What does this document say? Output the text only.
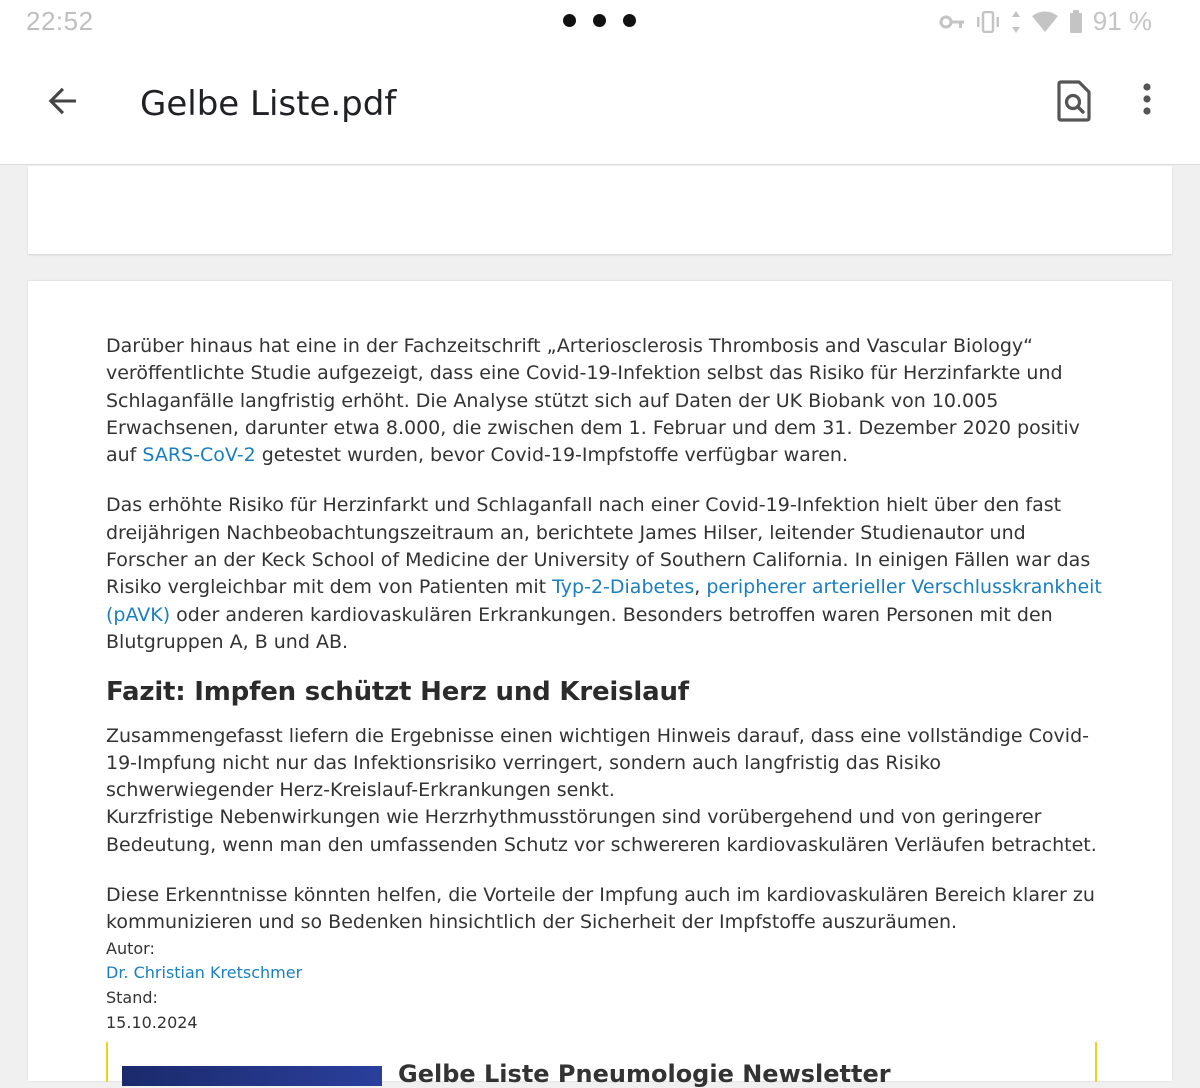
22:52	91 %
Gelbe Liste.pdf

Darüber hinaus hat eine in der Fachzeitschrift „Arteriosclerosis Thrombosis and Vascular Biology“ veröffentlichte Studie aufgezeigt, dass eine Covid-19-Infektion selbst das Risiko für Herzinfarkte und Schlaganfälle langfristig erhöht. Die Analyse stützt sich auf Daten der UK Biobank von 10.005 Erwachsenen, darunter etwa 8.000, die zwischen dem 1. Februar und dem 31. Dezember 2020 positiv auf SARS-CoV-2 getestet wurden, bevor Covid-19-Impfstoffe verfügbar waren.

Das erhöhte Risiko für Herzinfarkt und Schlaganfall nach einer Covid-19-Infektion hielt über den fast dreijährigen Nachbeobachtungszeitraum an, berichtete James Hilser, leitender Studienautor und Forscher an der Keck School of Medicine der University of Southern California. In einigen Fällen war das Risiko vergleichbar mit dem von Patienten mit Typ-2-Diabetes, peripherer arterieller Verschlusskrankheit (pAVK) oder anderen kardiovaskulären Erkrankungen. Besonders betroffen waren Personen mit den Blutgruppen A, B und AB.

Fazit: Impfen schützt Herz und Kreislauf

Zusammengefasst liefern die Ergebnisse einen wichtigen Hinweis darauf, dass eine vollständige Covid-19-Impfung nicht nur das Infektionsrisiko verringert, sondern auch langfristig das Risiko schwerwiegender Herz-Kreislauf-Erkrankungen senkt.

Kurzfristige Nebenwirkungen wie Herzrhythmusstörungen sind vorübergehend und von geringerer Bedeutung, wenn man den umfassenden Schutz vor schwereren kardiovaskulären Verläufen betrachtet.

Diese Erkenntnisse könnten helfen, die Vorteile der Impfung auch im kardiovaskulären Bereich klarer zu kommunizieren und so Bedenken hinsichtlich der Sicherheit der Impfstoffe auszuräumen.

Autor:
Dr. Christian Kretschmer
Stand:
15.10.2024
Gelbe Liste Pneumologie Newsletter
